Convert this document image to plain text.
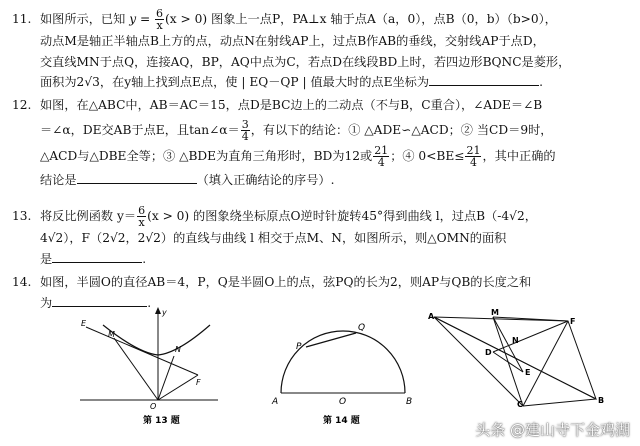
11. 如图所示，已知 $y = \frac{6}{x} (x > 0)$ 图象上一点P，PA⊥x 轴于点A（a，0），点B（0，b）（b>0），
动点M是轴正半轴点B上方的点，动点N在射线AP上，过点B作AB的垂线，交射线AP于点D，
交直线MN于点Q，连接AQ，BP，AQ中点为C，若点D在线段BD上时，若四边形BQNC是菱形，
面积为2√3，在y轴上找到点E点，使 | EQ－QP | 值最大时的点E坐标为	.
12. 如图，在△ABC中，AB＝AC＝15，点D是BC边上的二动点（不与B，C重合），∠ADE＝∠B
＝∠α，DE交AB于点E，且tan∠α＝ $\frac{3}{4}$ ，有以下的结论：① △ADE∽△ACD；② 当CD＝9时，
△ACD与△DBE全等；③ △BDE为直角三角形时，BD为12或 $\frac{21}{4}$ ；④ $0<BE\le \frac{21}{4}$ ，其中正确的
结论是	（填入正确结论的序号）.
13. 将反比例函数 $y= \frac{6}{x} (x > 0)$ 的图象绕坐标原点O逆时针旋转45°得到曲线 l，过点B（-4√2，
4√2），F（2√2，2√2）的直线与曲线 l 相交于点M、N，如图所示，则△OMN的面积
是	.
14. 如图，半圆O的直径AB＝4，P，Q是半圆O上的点，弦PQ的长为2，则AP与QB的长度之和
为	.
E
M
N
F
O
y
第 13 题
P
Q
A	O	B
第 14 题
A	M
F
N
D
E
C	B
头条 @建山寺下金鸡湖
